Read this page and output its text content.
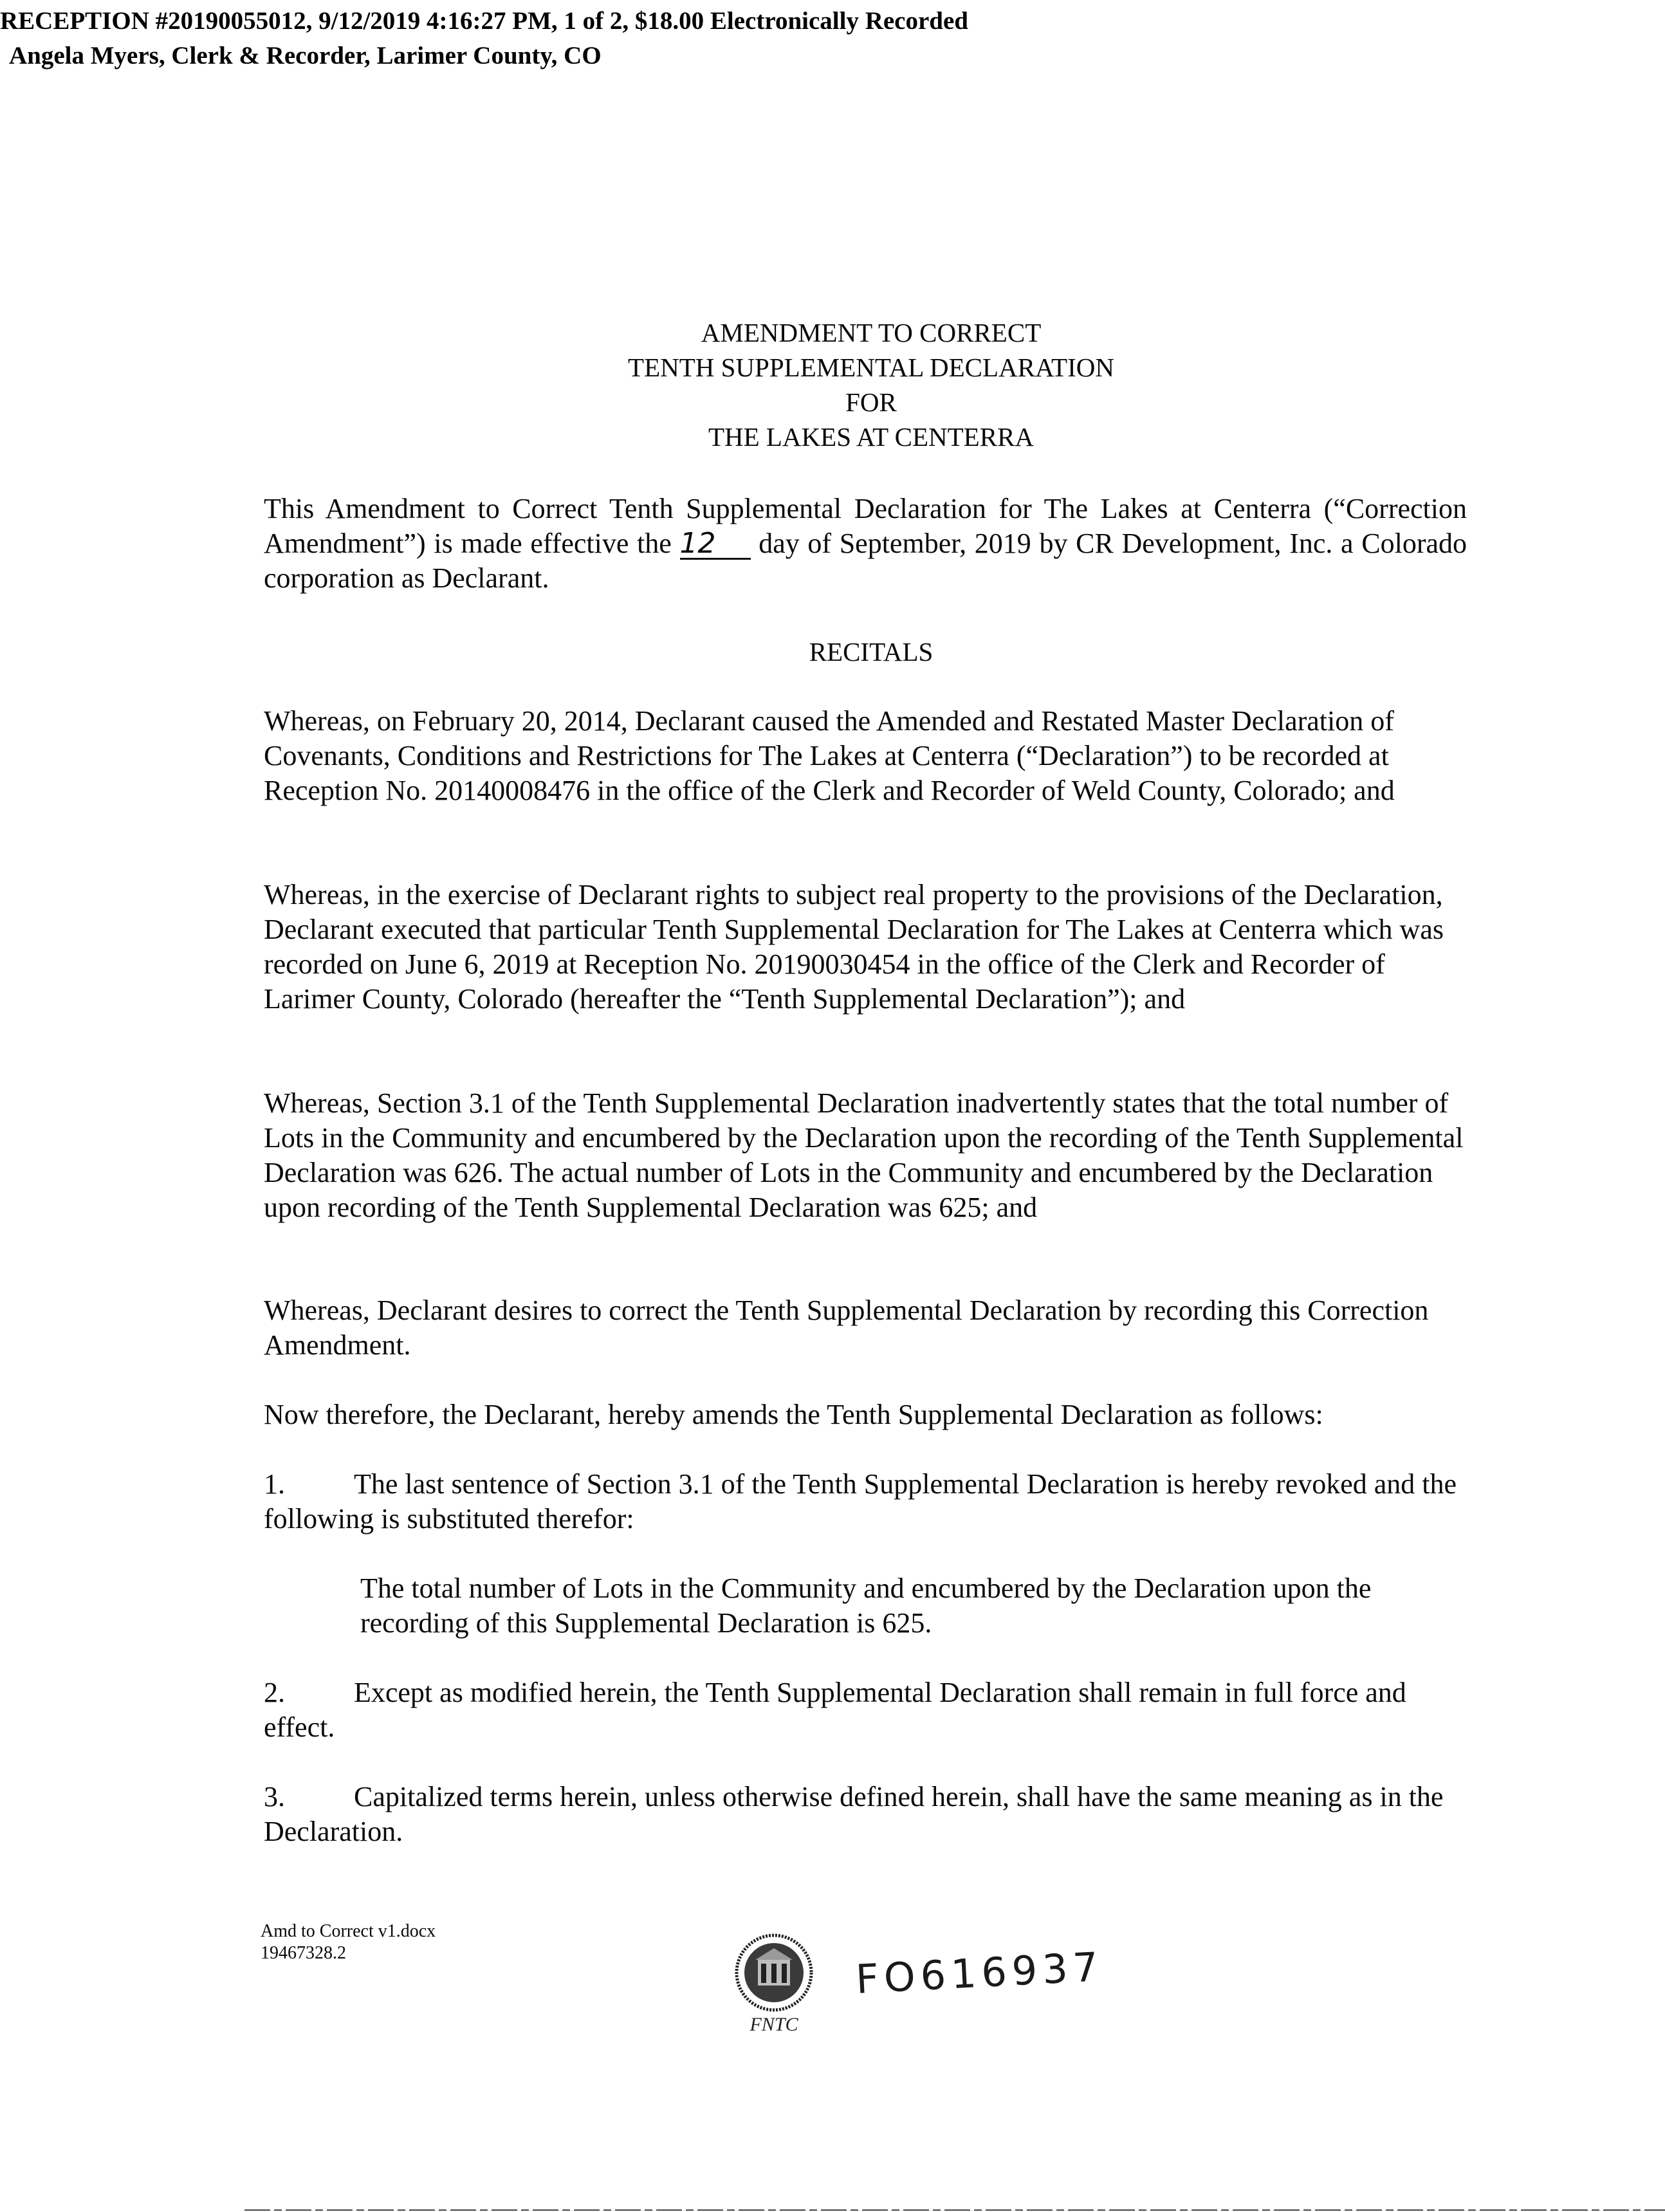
RECEPTION #20190055012, 9/12/2019 4:16:27 PM, 1 of 2, $18.00 Electronically Recorded
Angela Myers, Clerk & Recorder, Larimer County, CO
AMENDMENT TO CORRECT
TENTH SUPPLEMENTAL DECLARATION
FOR
THE LAKES AT CENTERRA
This Amendment to Correct Tenth Supplemental Declaration for The Lakes at Centerra (“Correction Amendment”) is made effective the 12 day of September, 2019 by CR Development, Inc. a Colorado corporation as Declarant.
RECITALS
Whereas, on February 20, 2014, Declarant caused the Amended and Restated Master Declaration of Covenants, Conditions and Restrictions for The Lakes at Centerra (“Declaration”) to be recorded at Reception No. 20140008476 in the office of the Clerk and Recorder of Weld County, Colorado; and
Whereas, in the exercise of Declarant rights to subject real property to the provisions of the Declaration, Declarant executed that particular Tenth Supplemental Declaration for The Lakes at Centerra which was recorded on June 6, 2019 at Reception No. 20190030454 in the office of the Clerk and Recorder of Larimer County, Colorado (hereafter the “Tenth Supplemental Declaration”); and
Whereas, Section 3.1 of the Tenth Supplemental Declaration inadvertently states that the total number of Lots in the Community and encumbered by the Declaration upon the recording of the Tenth Supplemental Declaration was 626. The actual number of Lots in the Community and encumbered by the Declaration upon recording of the Tenth Supplemental Declaration was 625; and
Whereas, Declarant desires to correct the Tenth Supplemental Declaration by recording this Correction Amendment.
Now therefore, the Declarant, hereby amends the Tenth Supplemental Declaration as follows:
1.	The last sentence of Section 3.1 of the Tenth Supplemental Declaration is hereby revoked and the following is substituted therefor:
The total number of Lots in the Community and encumbered by the Declaration upon the recording of this Supplemental Declaration is 625.
2.	Except as modified herein, the Tenth Supplemental Declaration shall remain in full force and effect.
3.	Capitalized terms herein, unless otherwise defined herein, shall have the same meaning as in the Declaration.
Amd to Correct v1.docx
19467328.2
FNTC
FO616937
